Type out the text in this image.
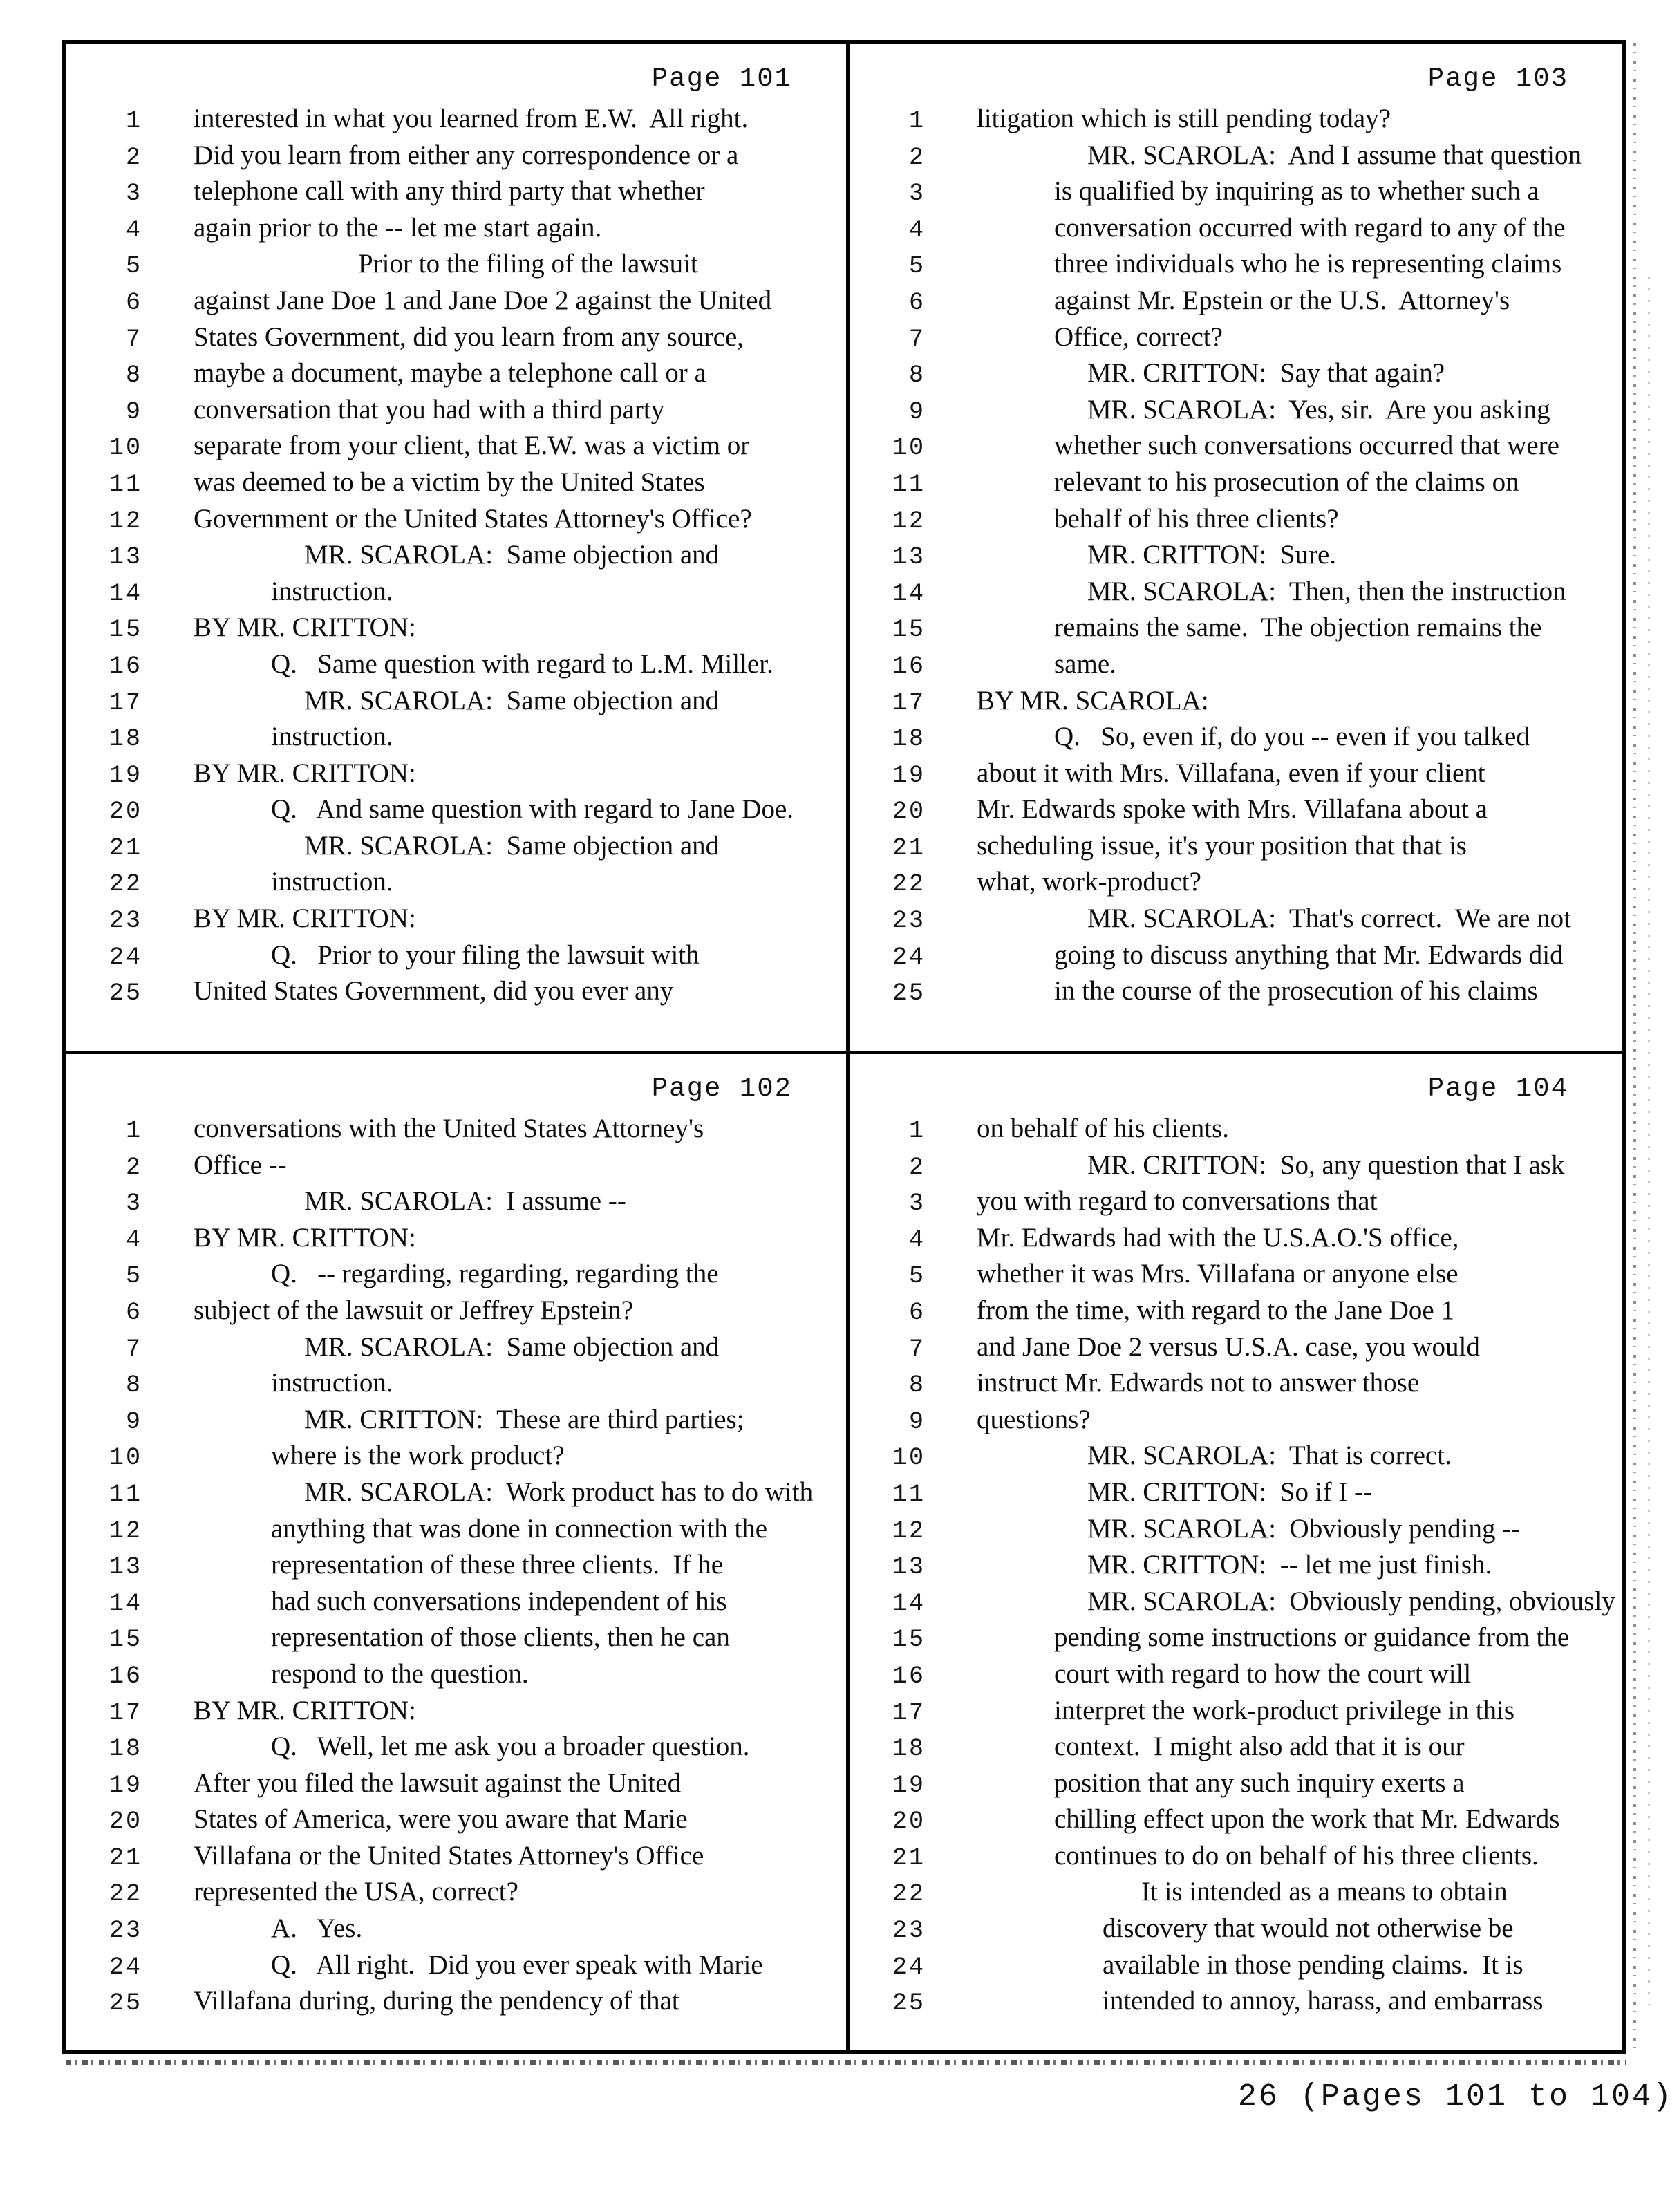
Page 101
1	interested in what you learned from E.W.  All right.
2	Did you learn from either any correspondence or a
3	telephone call with any third party that whether
4	again prior to the -- let me start again.
5	Prior to the filing of the lawsuit
6	against Jane Doe 1 and Jane Doe 2 against the United
7	States Government, did you learn from any source,
8	maybe a document, maybe a telephone call or a
9	conversation that you had with a third party
10	separate from your client, that E.W. was a victim or
11	was deemed to be a victim by the United States
12	Government or the United States Attorney's Office?
13	MR. SCAROLA:  Same objection and
14	instruction.
15	BY MR. CRITTON:
16	Q.   Same question with regard to L.M. Miller.
17	MR. SCAROLA:  Same objection and
18	instruction.
19	BY MR. CRITTON:
20	Q.   And same question with regard to Jane Doe.
21	MR. SCAROLA:  Same objection and
22	instruction.
23	BY MR. CRITTON:
24	Q.   Prior to your filing the lawsuit with
25	United States Government, did you ever any
Page 103
1	litigation which is still pending today?
2	MR. SCAROLA:  And I assume that question
3	is qualified by inquiring as to whether such a
4	conversation occurred with regard to any of the
5	three individuals who he is representing claims
6	against Mr. Epstein or the U.S.  Attorney's
7	Office, correct?
8	MR. CRITTON:  Say that again?
9	MR. SCAROLA:  Yes, sir.  Are you asking
10	whether such conversations occurred that were
11	relevant to his prosecution of the claims on
12	behalf of his three clients?
13	MR. CRITTON:  Sure.
14	MR. SCAROLA:  Then, then the instruction
15	remains the same.  The objection remains the
16	same.
17	BY MR. SCAROLA:
18	Q.   So, even if, do you -- even if you talked
19	about it with Mrs. Villafana, even if your client
20	Mr. Edwards spoke with Mrs. Villafana about a
21	scheduling issue, it's your position that that is
22	what, work-product?
23	MR. SCAROLA:  That's correct.  We are not
24	going to discuss anything that Mr. Edwards did
25	in the course of the prosecution of his claims
Page 102
1	conversations with the United States Attorney's
2	Office --
3	MR. SCAROLA:  I assume --
4	BY MR. CRITTON:
5	Q.   -- regarding, regarding, regarding the
6	subject of the lawsuit or Jeffrey Epstein?
7	MR. SCAROLA:  Same objection and
8	instruction.
9	MR. CRITTON:  These are third parties;
10	where is the work product?
11	MR. SCAROLA:  Work product has to do with
12	anything that was done in connection with the
13	representation of these three clients.  If he
14	had such conversations independent of his
15	representation of those clients, then he can
16	respond to the question.
17	BY MR. CRITTON:
18	Q.   Well, let me ask you a broader question.
19	After you filed the lawsuit against the United
20	States of America, were you aware that Marie
21	Villafana or the United States Attorney's Office
22	represented the USA, correct?
23	A.   Yes.
24	Q.   All right.  Did you ever speak with Marie
25	Villafana during, during the pendency of that
Page 104
1	on behalf of his clients.
2	MR. CRITTON:  So, any question that I ask
3	you with regard to conversations that
4	Mr. Edwards had with the U.S.A.O.'S office,
5	whether it was Mrs. Villafana or anyone else
6	from the time, with regard to the Jane Doe 1
7	and Jane Doe 2 versus U.S.A. case, you would
8	instruct Mr. Edwards not to answer those
9	questions?
10	MR. SCAROLA:  That is correct.
11	MR. CRITTON:  So if I --
12	MR. SCAROLA:  Obviously pending --
13	MR. CRITTON:  -- let me just finish.
14	MR. SCAROLA:  Obviously pending, obviously
15	pending some instructions or guidance from the
16	court with regard to how the court will
17	interpret the work-product privilege in this
18	context.  I might also add that it is our
19	position that any such inquiry exerts a
20	chilling effect upon the work that Mr. Edwards
21	continues to do on behalf of his three clients.
22	It is intended as a means to obtain
23	discovery that would not otherwise be
24	available in those pending claims.  It is
25	intended to annoy, harass, and embarrass
26 (Pages 101 to 104)
